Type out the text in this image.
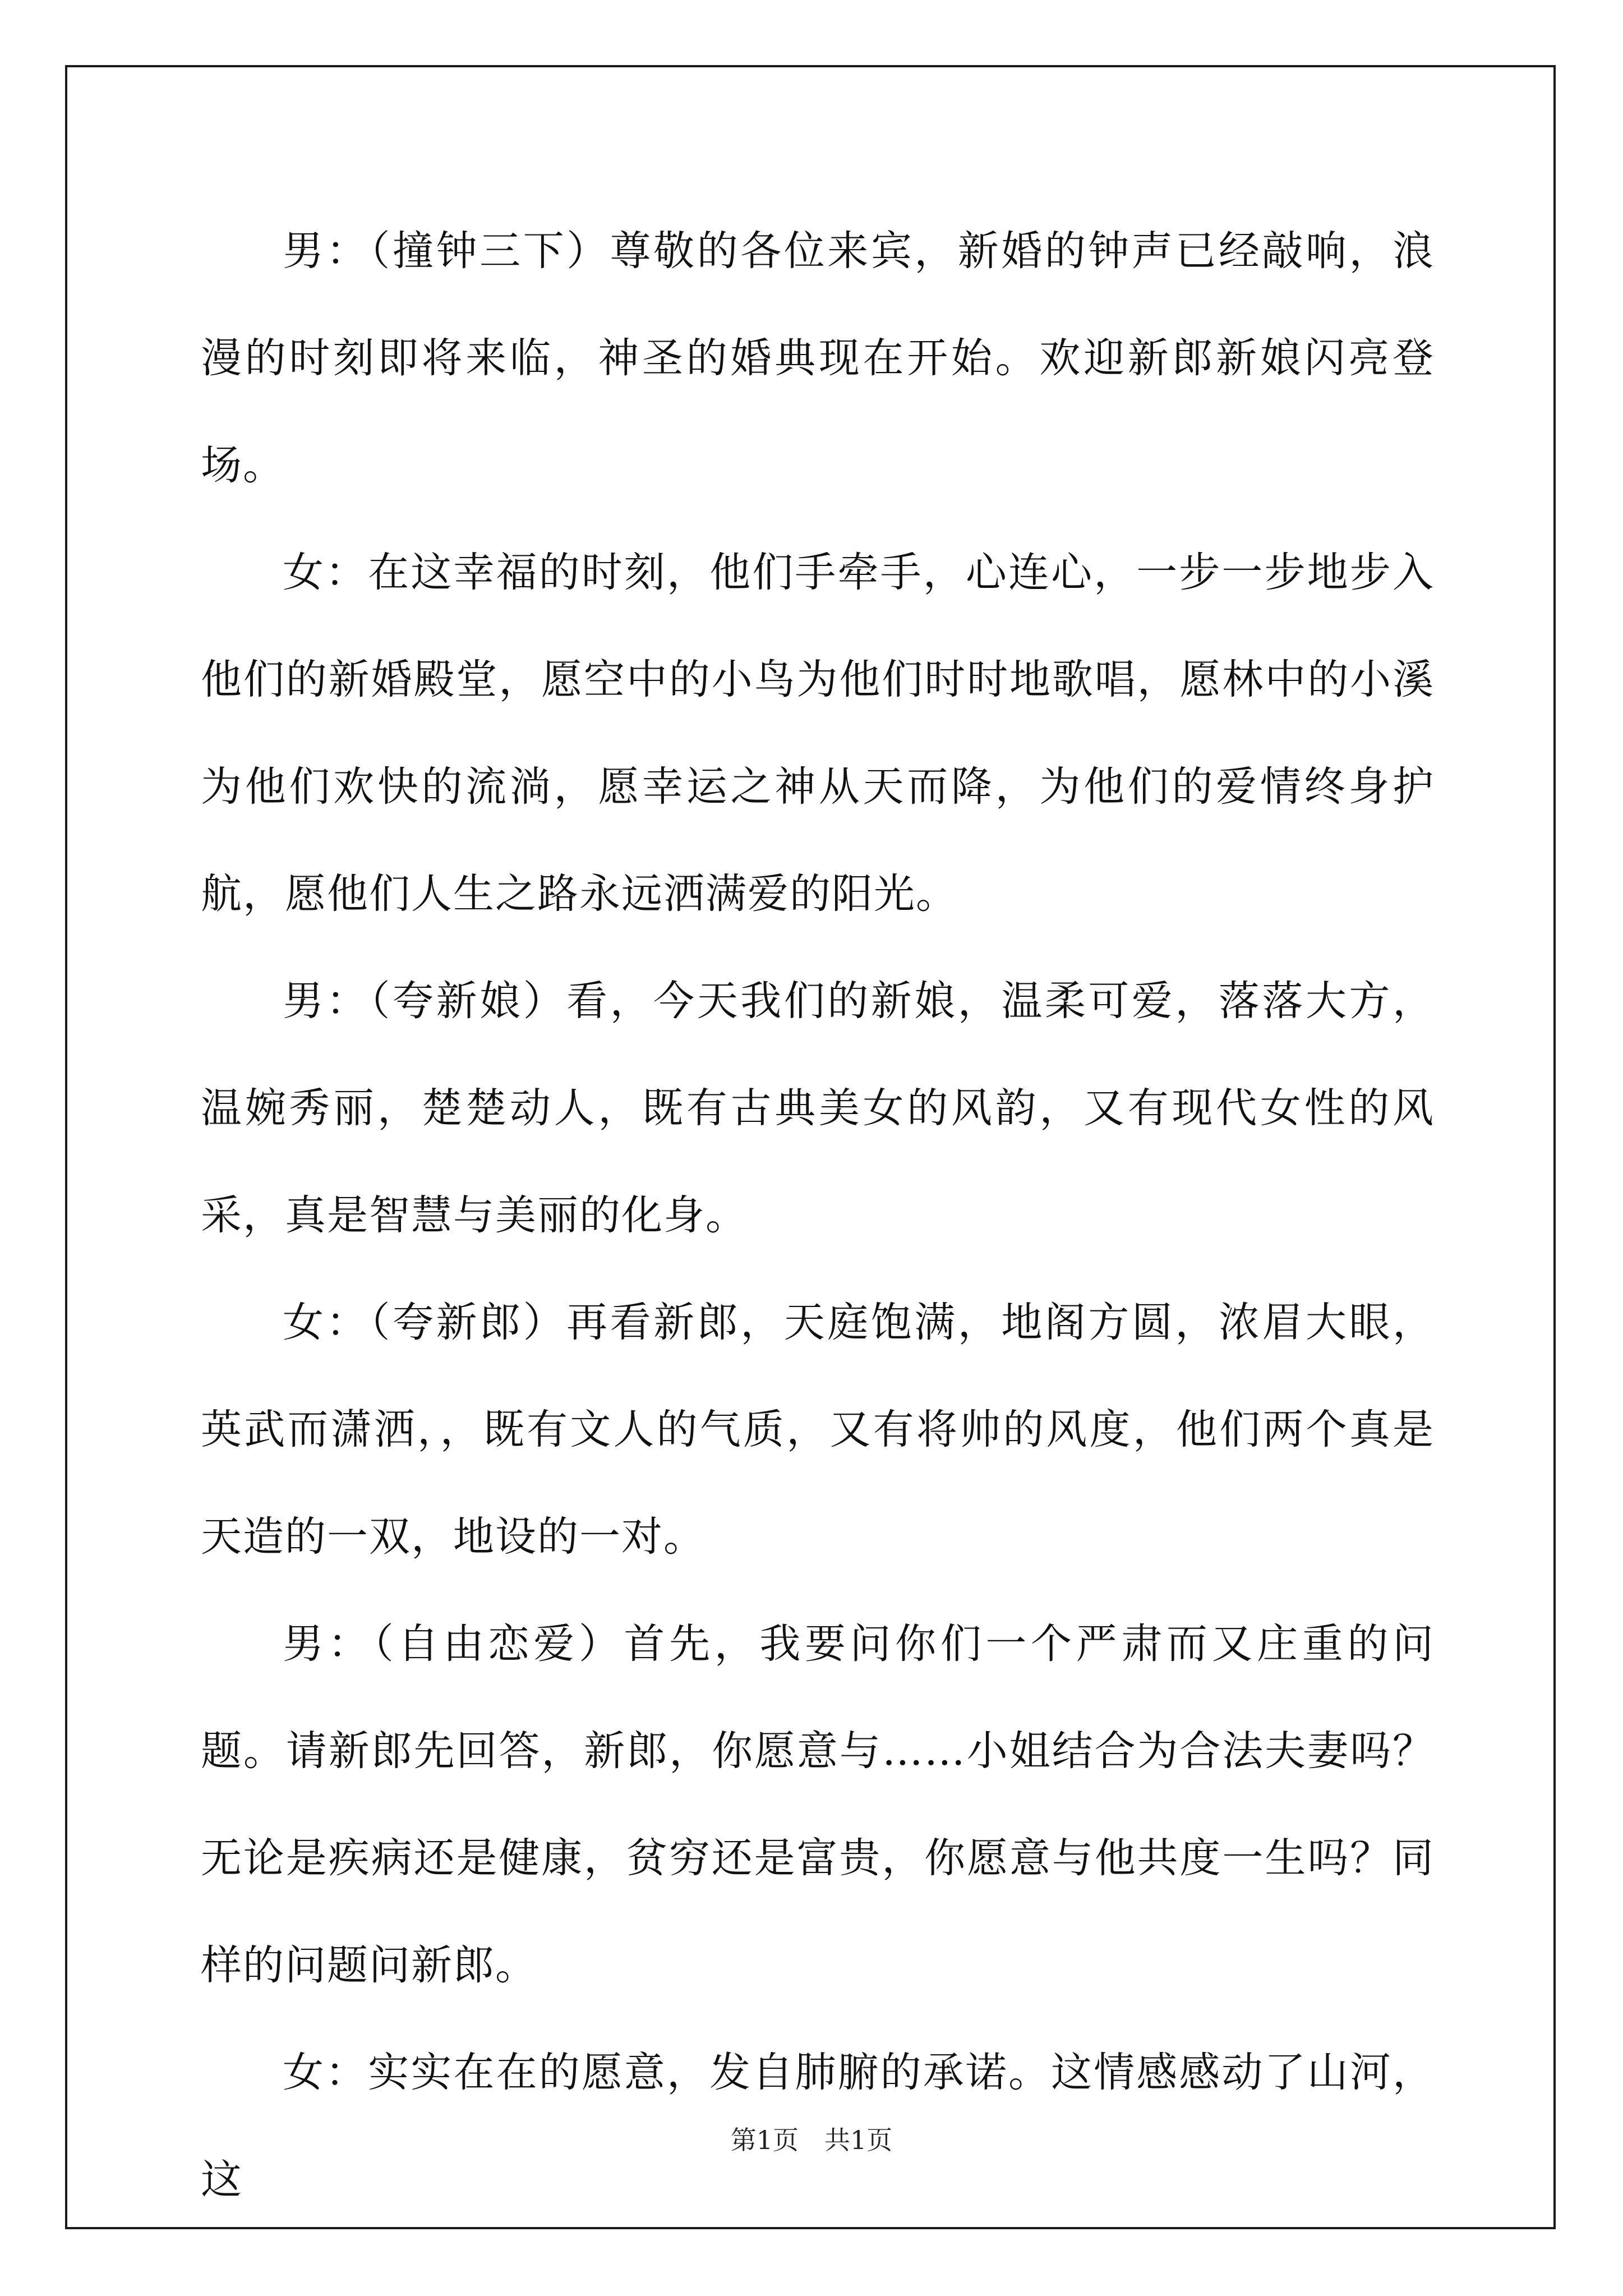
男：（撞钟三下）尊敬的各位来宾，新婚的钟声已经敲响，浪漫的时刻即将来临，神圣的婚典现在开始。欢迎新郎新娘闪亮登场。

女：在这幸福的时刻，他们手牵手，心连心，一步一步地步入他们的新婚殿堂，愿空中的小鸟为他们时时地歌唱，愿林中的小溪为他们欢快的流淌，愿幸运之神从天而降，为他们的爱情终身护航，愿他们人生之路永远洒满爱的阳光。

男：（夸新娘）看，今天我们的新娘，温柔可爱，落落大方，温婉秀丽，楚楚动人，既有古典美女的风韵，又有现代女性的风采，真是智慧与美丽的化身。

女：（夸新郎）再看新郎，天庭饱满，地阁方圆，浓眉大眼，英武而潇洒，，既有文人的气质，又有将帅的风度，他们两个真是天造的一双，地设的一对。

男：（自由恋爱）首先，我要问你们一个严肃而又庄重的问题。请新郎先回答，新郎，你愿意与……小姐结合为合法夫妻吗？无论是疾病还是健康，贫穷还是富贵，你愿意与他共度一生吗？同样的问题问新郎。

女：实实在在的愿意，发自肺腑的承诺。这情感感动了山河，这

第1页 共1页
